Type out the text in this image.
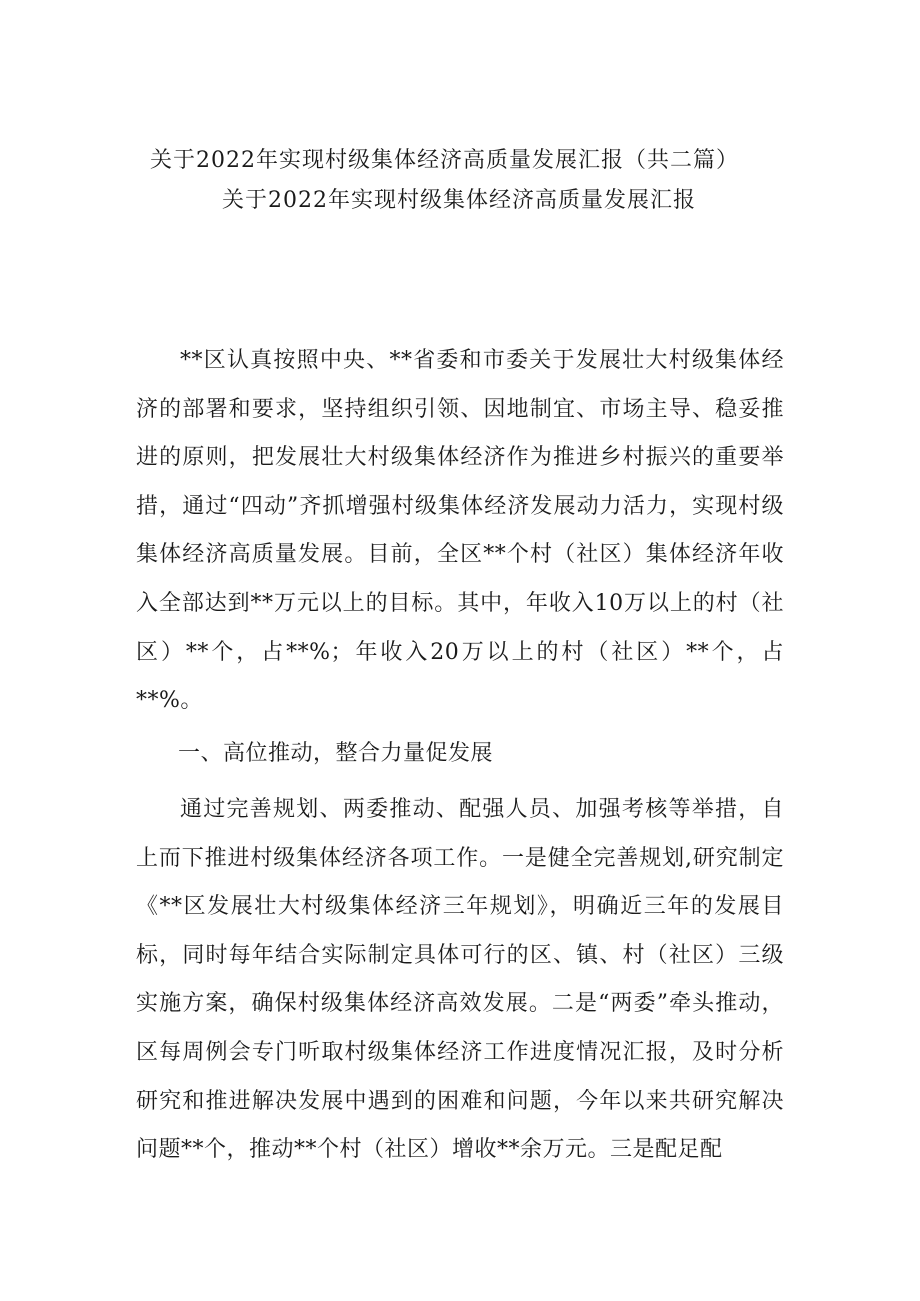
关于2022年实现村级集体经济高质量发展汇报（共二篇）
关于2022年实现村级集体经济高质量发展汇报

**区认真按照中央、**省委和市委关于发展壮大村级集体经济的部署和要求，坚持组织引领、因地制宜、市场主导、稳妥推进的原则，把发展壮大村级集体经济作为推进乡村振兴的重要举措，通过“四动”齐抓增强村级集体经济发展动力活力，实现村级集体经济高质量发展。目前，全区**个村（社区）集体经济年收入全部达到**万元以上的目标。其中，年收入10万以上的村（社区）**个，占**%；年收入20万以上的村（社区）**个，占**%。

一、高位推动，整合力量促发展

通过完善规划、两委推动、配强人员、加强考核等举措，自上而下推进村级集体经济各项工作。一是健全完善规划,研究制定《**区发展壮大村级集体经济三年规划》，明确近三年的发展目标，同时每年结合实际制定具体可行的区、镇、村（社区）三级实施方案，确保村级集体经济高效发展。二是“两委”牵头推动，区每周例会专门听取村级集体经济工作进度情况汇报，及时分析研究和推进解决发展中遇到的困难和问题，今年以来共研究解决问题**个，推动**个村（社区）增收**余万元。三是配足配
